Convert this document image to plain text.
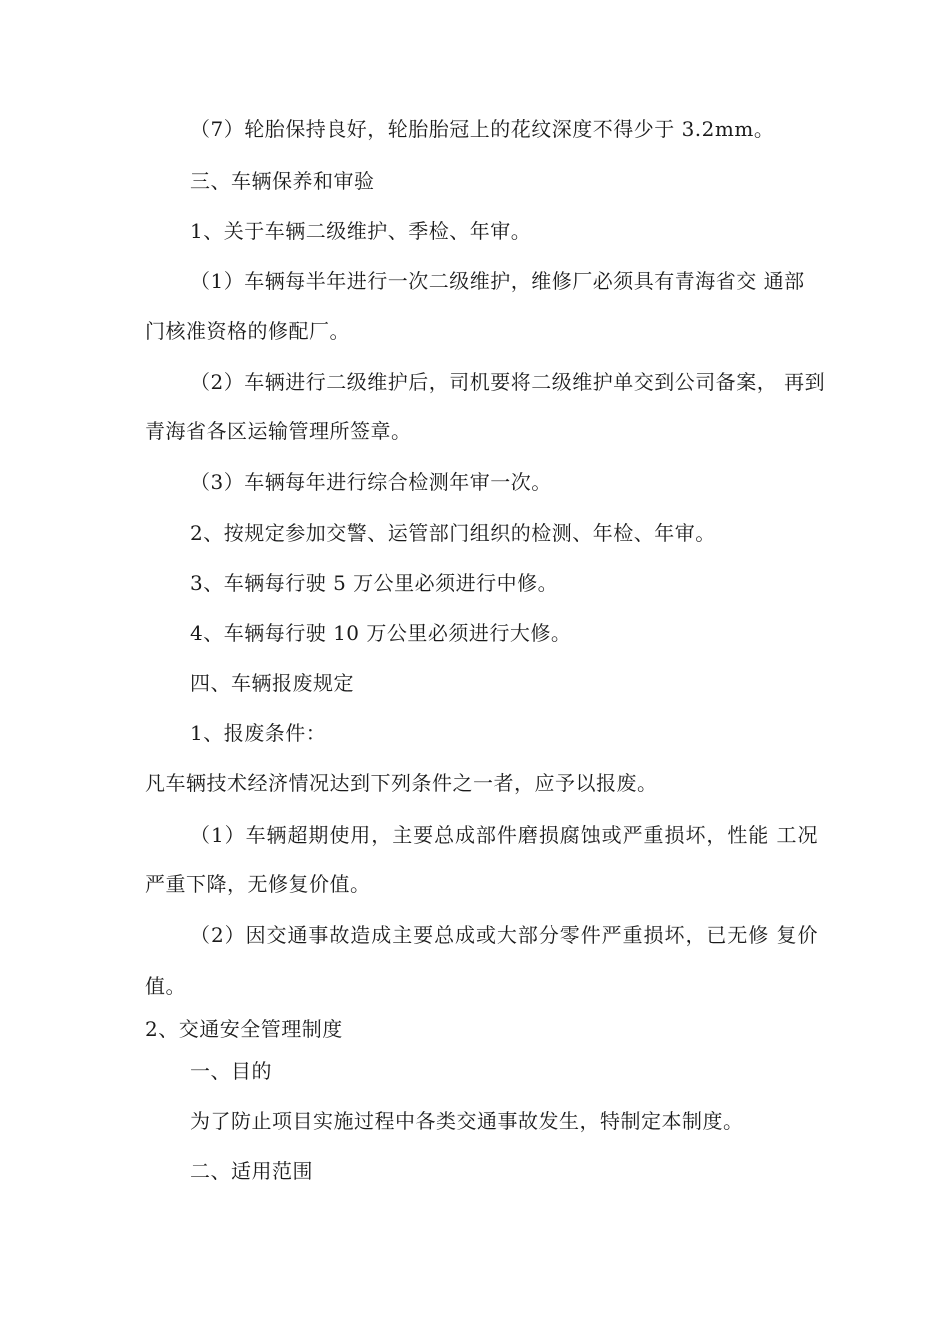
（7）轮胎保持良好，轮胎胎冠上的花纹深度不得少于 3.2mm。
三、车辆保养和审验
1、关于车辆二级维护、季检、年审。
（1）车辆每半年进行一次二级维护，维修厂必须具有青海省交 通部
门核准资格的修配厂。
（2）车辆进行二级维护后，司机要将二级维护单交到公司备案， 再到
青海省各区运输管理所签章。
（3）车辆每年进行综合检测年审一次。
2、按规定参加交警、运管部门组织的检测、年检、年审。
3、车辆每行驶 5 万公里必须进行中修。
4、车辆每行驶 10 万公里必须进行大修。
四、车辆报废规定
1、报废条件：
凡车辆技术经济情况达到下列条件之一者，应予以报废。
（1）车辆超期使用，主要总成部件磨损腐蚀或严重损坏，性能 工况
严重下降，无修复价值。
（2）因交通事故造成主要总成或大部分零件严重损坏，已无修 复价
值。
2、交通安全管理制度
一、目的
为了防止项目实施过程中各类交通事故发生，特制定本制度。
二、适用范围
